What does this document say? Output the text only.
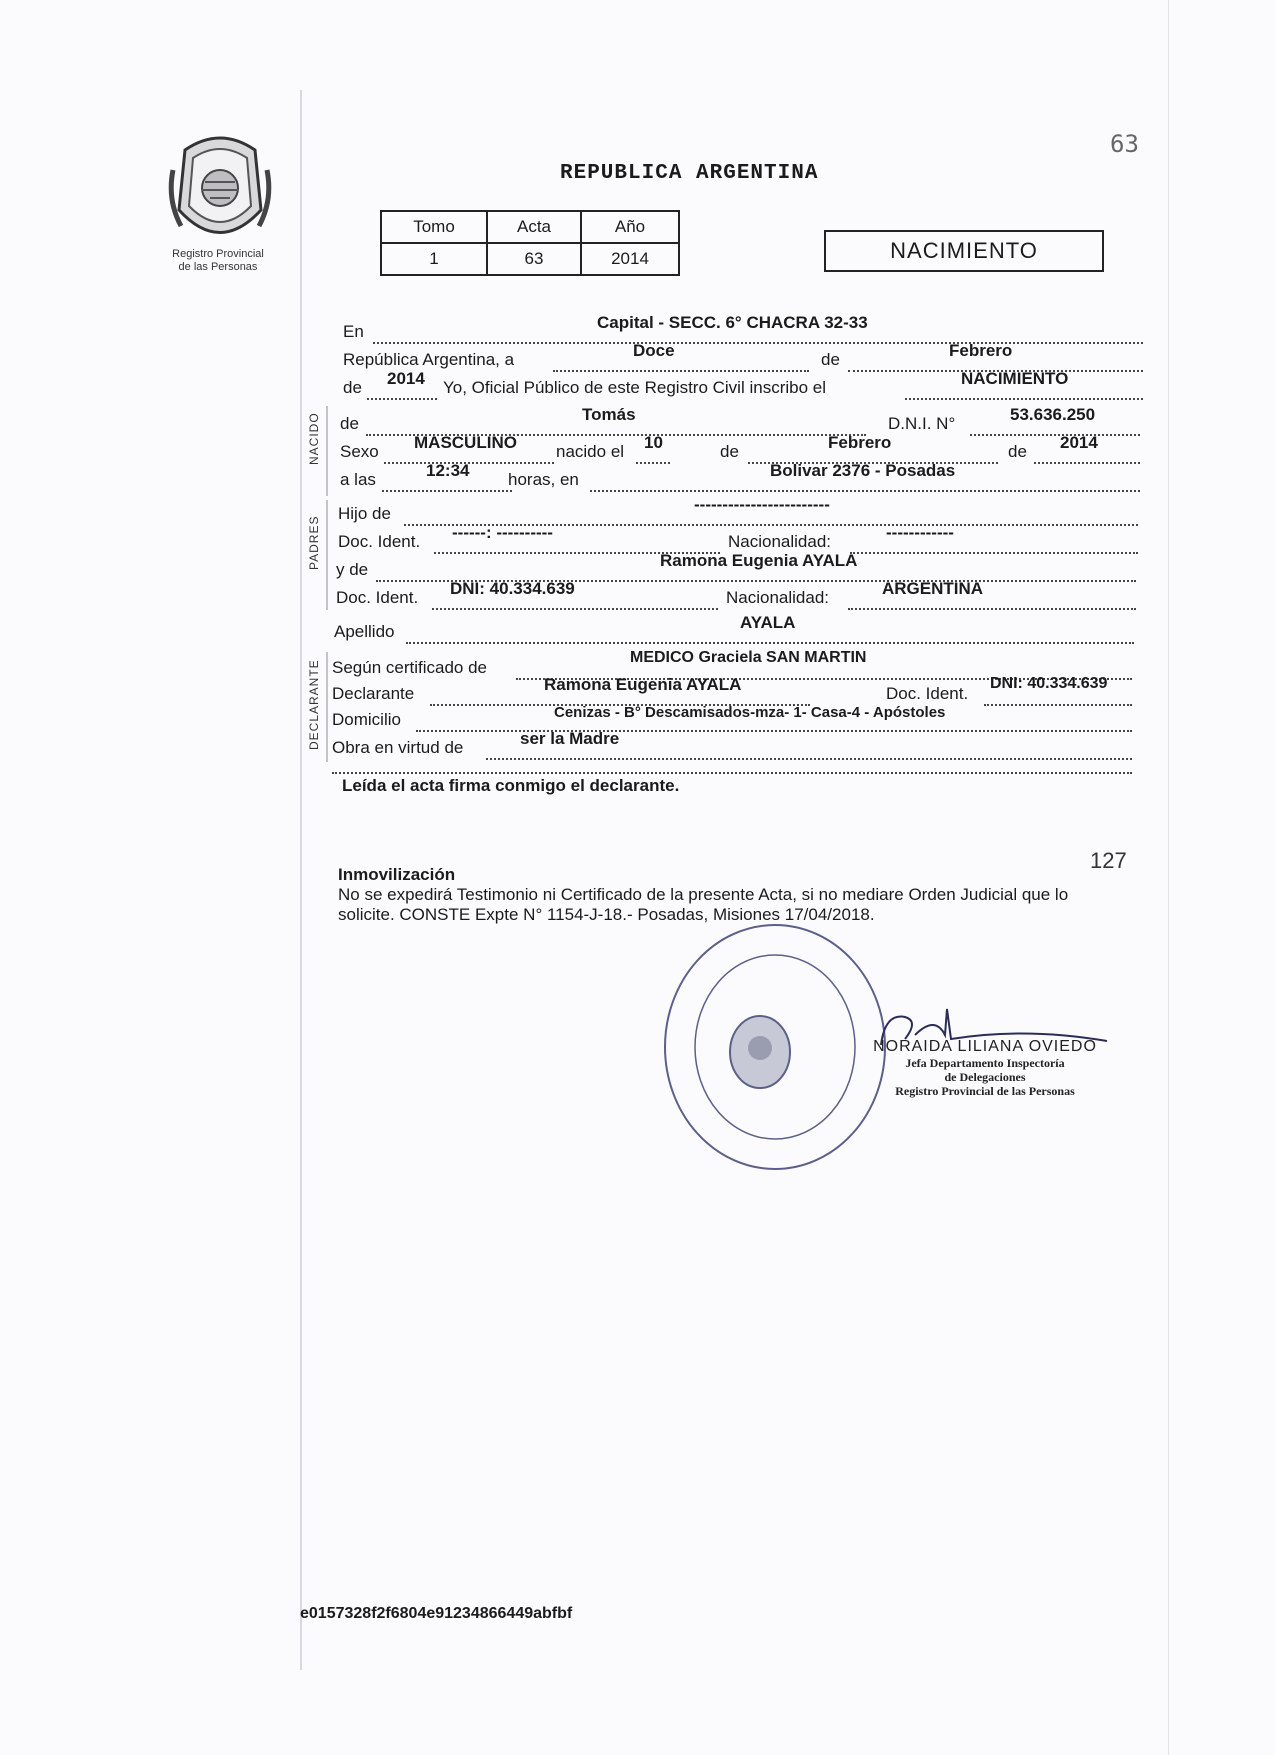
Registro Provincial
de las Personas
63
REPUBLICA ARGENTINA
Tomo	Acta	Año
1	63	2014	NACIMIENTO
NACIDO
PADRES
DECLARANTE
En	Capital - SECC. 6° CHACRA 32-33
República Argentina, a	Doce	de	Febrero
de 2014 Yo, Oficial Público de este Registro Civil inscribo el	NACIMIENTO
de	Tomás	D.N.I. N°	53.636.250
Sexo MASCULINO nacido el 10	de	Febrero	de 2014
a las	12:34 horas, en	Bolivar 2376 - Posadas
Hijo de	------------------------
Doc. Ident. ------: ----------	Nacionalidad:	------------
y de	Ramona Eugenia AYALA
Doc. Ident. DNI: 40.334.639	Nacionalidad:	ARGENTINA
Apellido	AYALA
Según certificado de
MEDICO Graciela SAN MARTIN
Declarante	Ramona Eugenia AYALA	Doc. Ident.
DNI: 40.334.639
Domicilio	Cenizas - B° Descamisados-mza- 1- Casa-4 - Apóstoles
Obra en virtud de	ser la Madre
Leída el acta firma conmigo el declarante.
Inmovilización
No se expedirá Testimonio ni Certificado de la presente Acta, si no mediare Orden Judicial que lo solicite. CONSTE Expte N° 1154-J-18.- Posadas, Misiones 17/04/2018.
127
NORAIDA LILIANA OVIEDO
Jefa Departamento Inspectoría
de Delegaciones
Registro Provincial de las Personas
e0157328f2f6804e91234866449abfbf
